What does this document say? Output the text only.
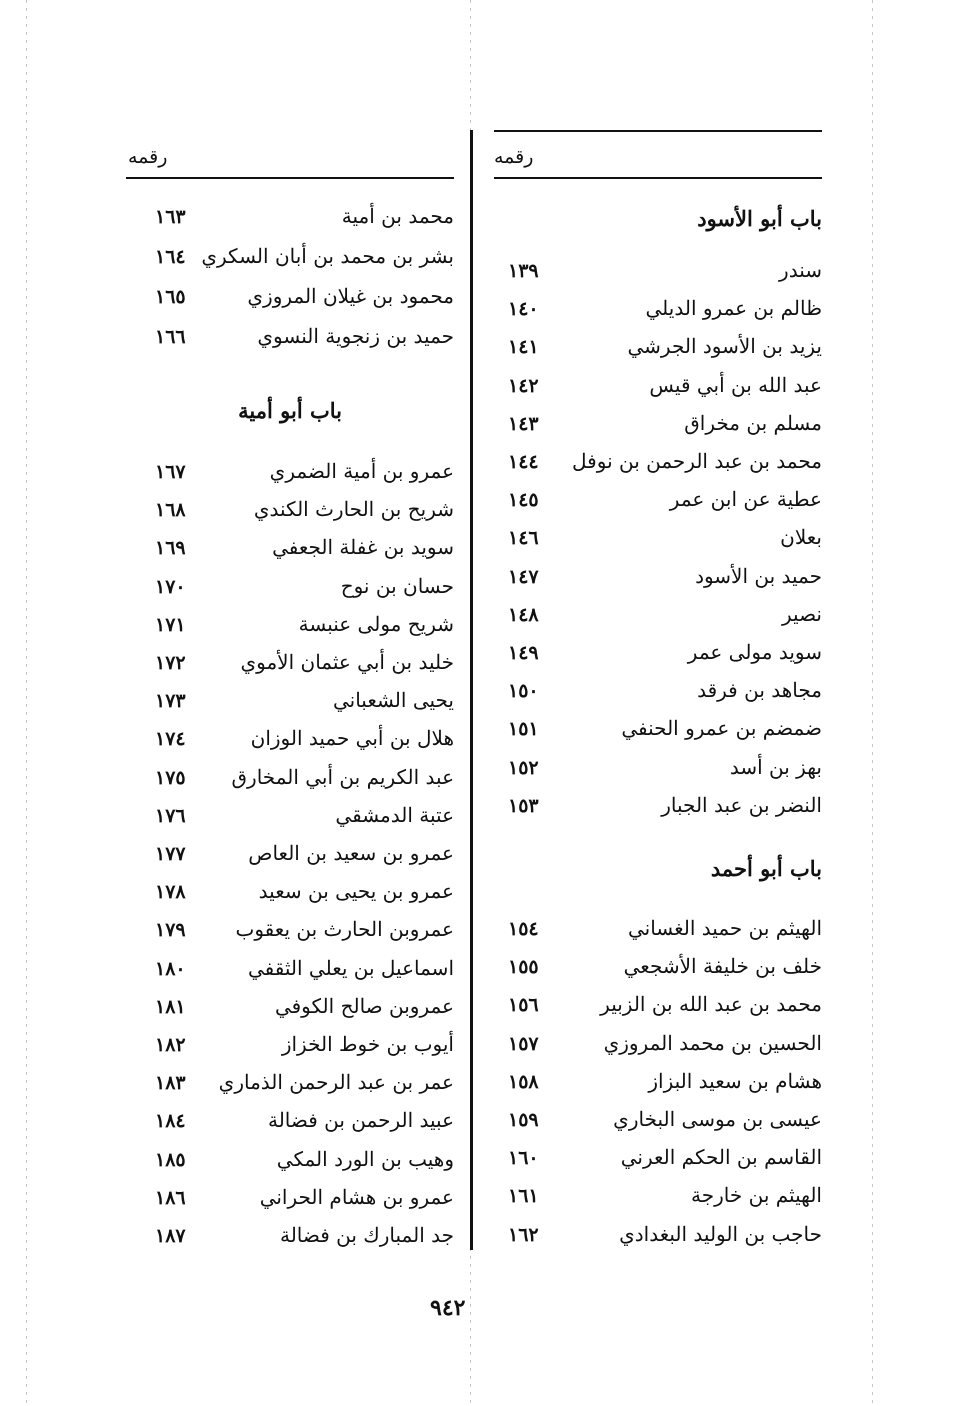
رقمه
رقمه
باب أبو الأسود
سندر
١٣٩
ظالم بن عمرو الديلي
١٤٠
يزيد بن الأسود الجرشي
١٤١
عبد الله بن أبي قيس
١٤٢
مسلم بن مخراق
١٤٣
محمد بن عبد الرحمن بن نوفل
١٤٤
عطية عن ابن عمر
١٤٥
بعلان
١٤٦
حميد بن الأسود
١٤٧
نصير
١٤٨
سويد مولى عمر
١٤٩
مجاهد بن فرقد
١٥٠
ضمضم بن عمرو الحنفي
١٥١
بهز بن أسد
١٥٢
النضر بن عبد الجبار
١٥٣
باب أبو أحمد
الهيثم بن حميد الغساني
١٥٤
خلف بن خليفة الأشجعي
١٥٥
محمد بن عبد الله بن الزبير
١٥٦
الحسين بن محمد المروزي
١٥٧
هشام بن سعيد البزاز
١٥٨
عيسى بن موسى البخاري
١٥٩
القاسم بن الحكم العرني
١٦٠
الهيثم بن خارجة
١٦١
حاجب بن الوليد البغدادي
١٦٢
محمد بن أمية
١٦٣
بشر بن محمد بن أبان السكري
١٦٤
محمود بن غيلان المروزي
١٦٥
حميد بن زنجوية النسوي
١٦٦
باب أبو أمية
عمرو بن أمية الضمري
١٦٧
شريح بن الحارث الكندي
١٦٨
سويد بن غفلة الجعفي
١٦٩
حسان بن نوح
١٧٠
شريح مولى عنبسة
١٧١
خليد بن أبي عثمان الأموي
١٧٢
يحيى الشعباني
١٧٣
هلال بن أبي حميد الوزان
١٧٤
عبد الكريم بن أبي المخارق
١٧٥
عتبة الدمشقي
١٧٦
عمرو بن سعيد بن العاص
١٧٧
عمرو بن يحيى بن سعيد
١٧٨
عمروبن الحارث بن يعقوب
١٧٩
اسماعيل بن يعلي الثقفي
١٨٠
عمروبن صالح الكوفي
١٨١
أيوب بن خوط الخزاز
١٨٢
عمر بن عبد الرحمن الذماري
١٨٣
عبيد الرحمن بن فضالة
١٨٤
وهيب بن الورد المكي
١٨٥
عمرو بن هشام الحراني
١٨٦
جد المبارك بن فضالة
١٨٧
٩٤٢
